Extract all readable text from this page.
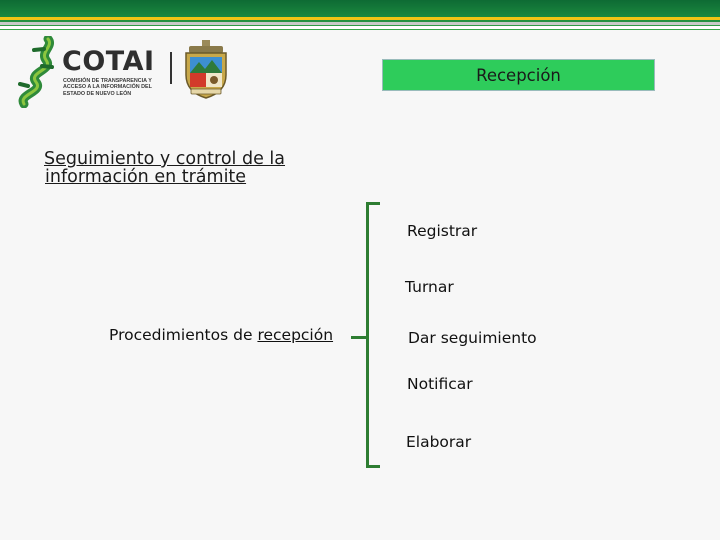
COTAI
COMISIÓN DE TRANSPARENCIA Y
ACCESO A LA INFORMACIÓN DEL
ESTADO DE NUEVO LEÓN
Recepción
Seguimiento y control de la
información en trámite
Procedimientos de recepción
Registrar
Turnar
Dar seguimiento
Notificar
Elaborar
